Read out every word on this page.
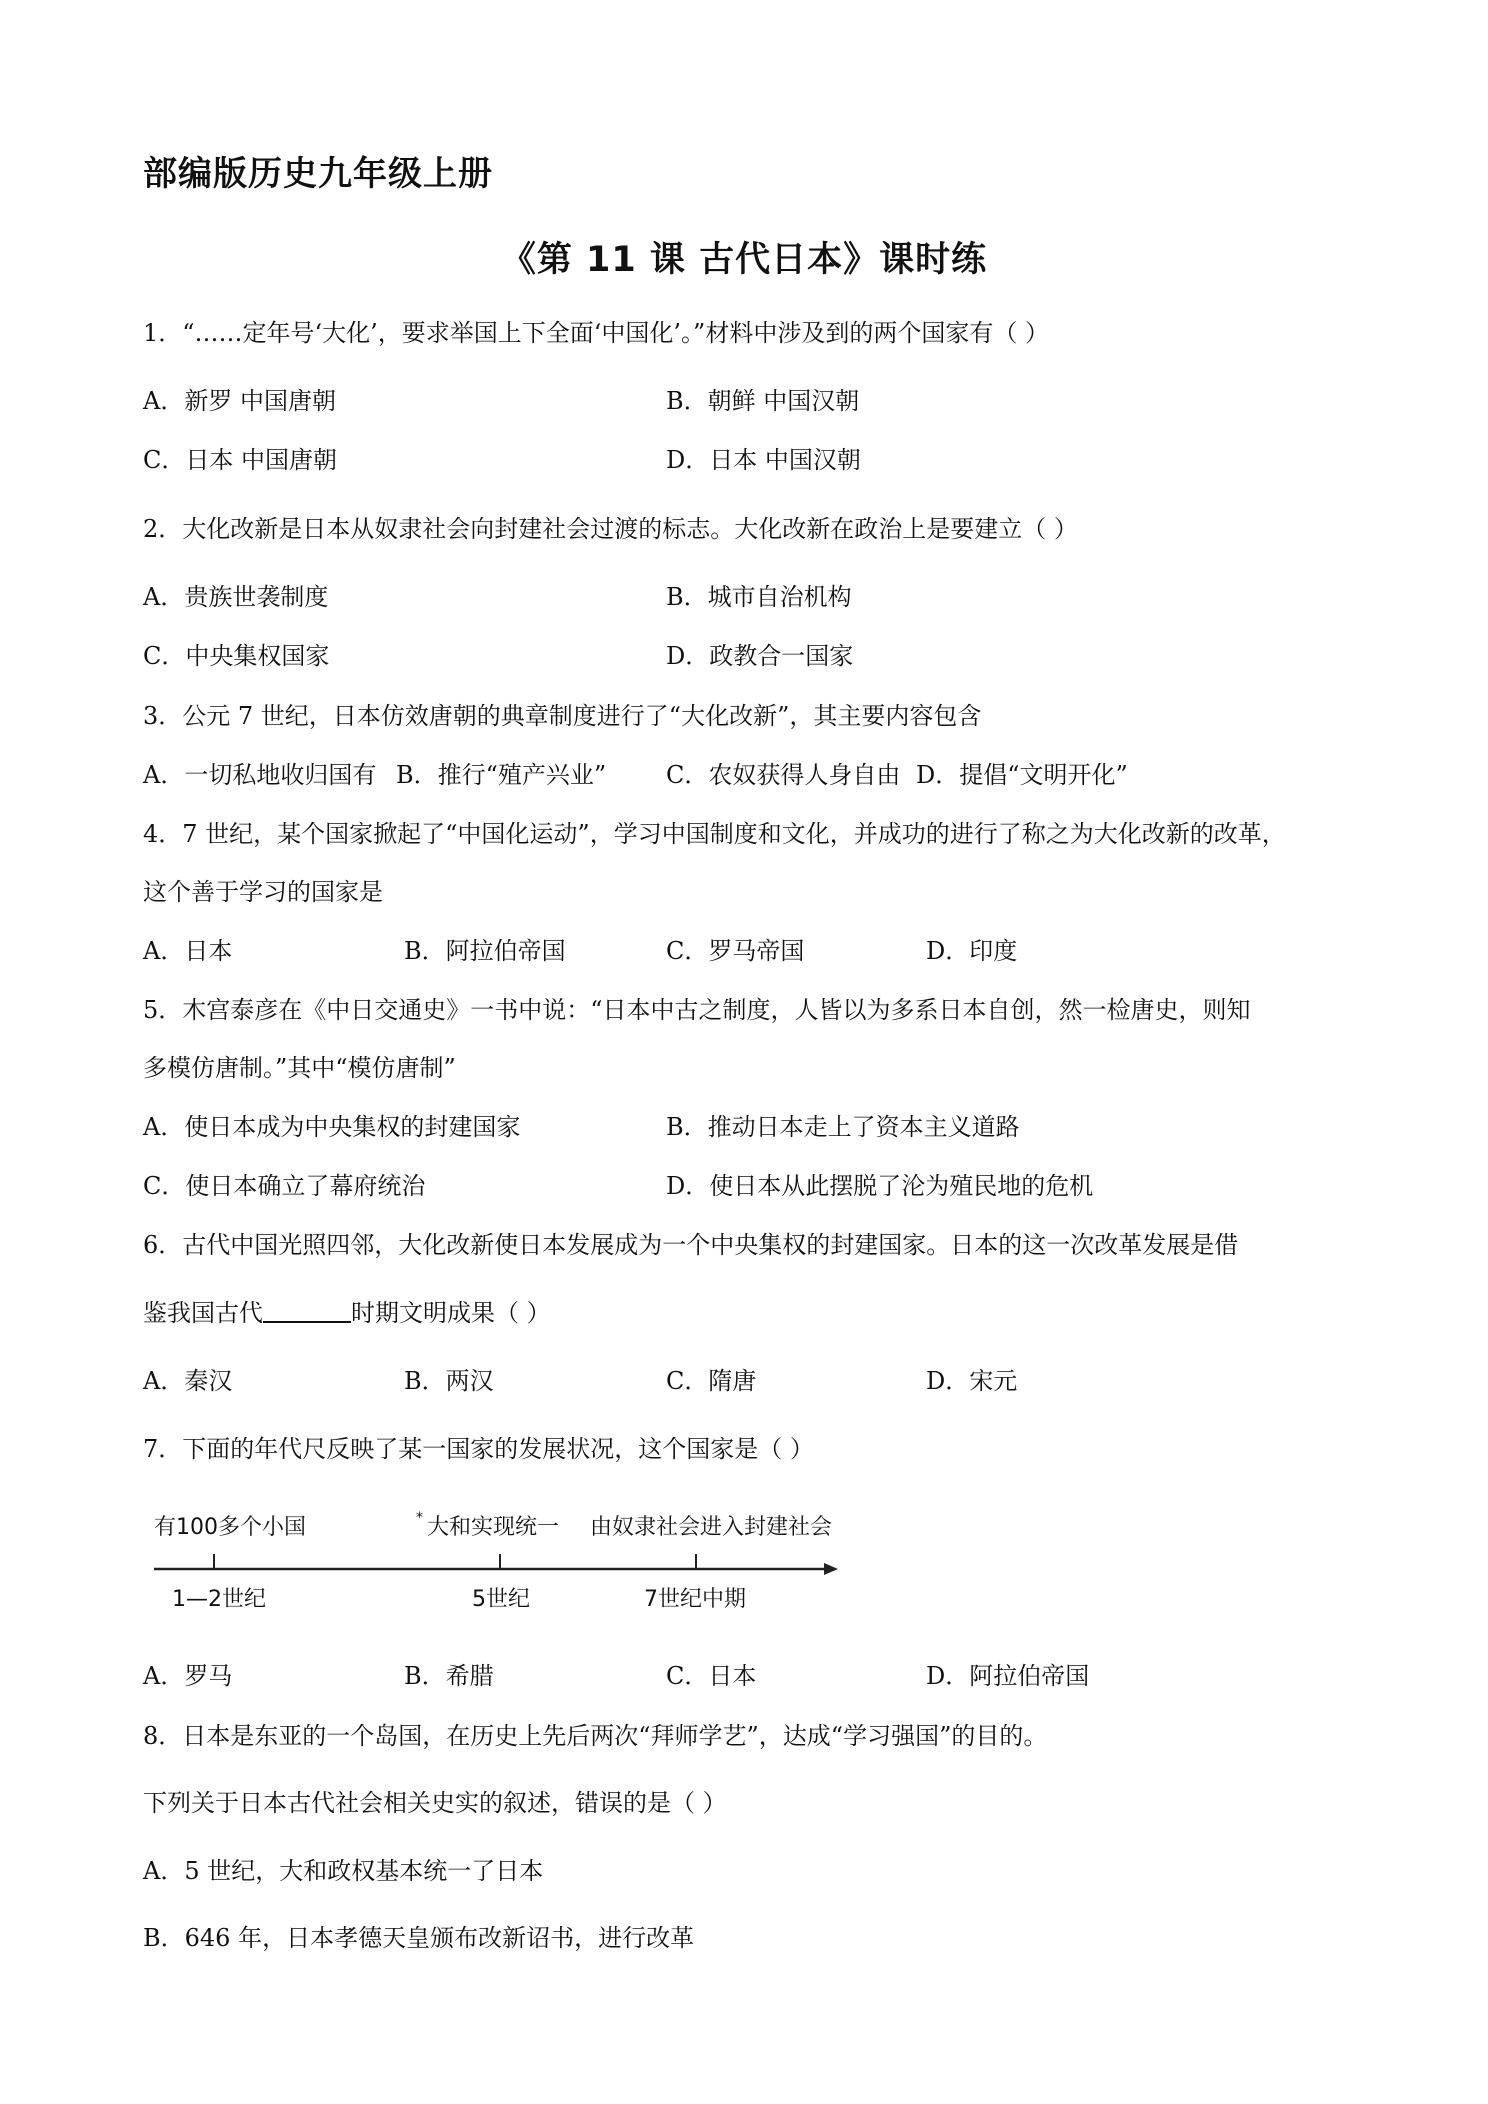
部编版历史九年级上册
《第 11 课 古代日本》课时练
1．“……定年号‘大化’，要求举国上下全面‘中国化’。”材料中涉及到的两个国家有（ ）
A．新罗 中国唐朝	B．朝鲜 中国汉朝
C．日本 中国唐朝	D．日本 中国汉朝
2．大化改新是日本从奴隶社会向封建社会过渡的标志。大化改新在政治上是要建立（ ）
A．贵族世袭制度	B．城市自治机构
C．中央集权国家	D．政教合一国家
3．公元 7 世纪，日本仿效唐朝的典章制度进行了“大化改新”，其主要内容包含
A．一切私地收归国有 B．推行“殖产兴业” C．农奴获得人身自由 D．提倡“文明开化”
4．7 世纪，某个国家掀起了“中国化运动”，学习中国制度和文化，并成功的进行了称之为大化改新的改革，
这个善于学习的国家是
A．日本	B．阿拉伯帝国	C．罗马帝国	D．印度
5．木宫泰彦在《中日交通史》一书中说：“日本中古之制度，人皆以为多系日本自创，然一检唐史，则知
多模仿唐制。”其中“模仿唐制”
A．使日本成为中央集权的封建国家	B．推动日本走上了资本主义道路
C．使日本确立了幕府统治	D．使日本从此摆脱了沦为殖民地的危机
6．古代中国光照四邻，大化改新使日本发展成为一个中央集权的封建国家。日本的这一次改革发展是借
鉴我国古代	时期文明成果（ ）
A．秦汉	B．两汉	C．隋唐	D．宋元
7．下面的年代尺反映了某一国家的发展状况，这个国家是（ ）
有100多个小国	* 大和实现统一 由奴隶社会进入封建社会
1—2世纪	5世纪	7世纪中期
A．罗马	B．希腊	C．日本	D．阿拉伯帝国
8．日本是东亚的一个岛国，在历史上先后两次“拜师学艺”，达成“学习强国”的目的。
下列关于日本古代社会相关史实的叙述，错误的是（ ）
A．5 世纪，大和政权基本统一了日本
B．646 年，日本孝德天皇颁布改新诏书，进行改革
